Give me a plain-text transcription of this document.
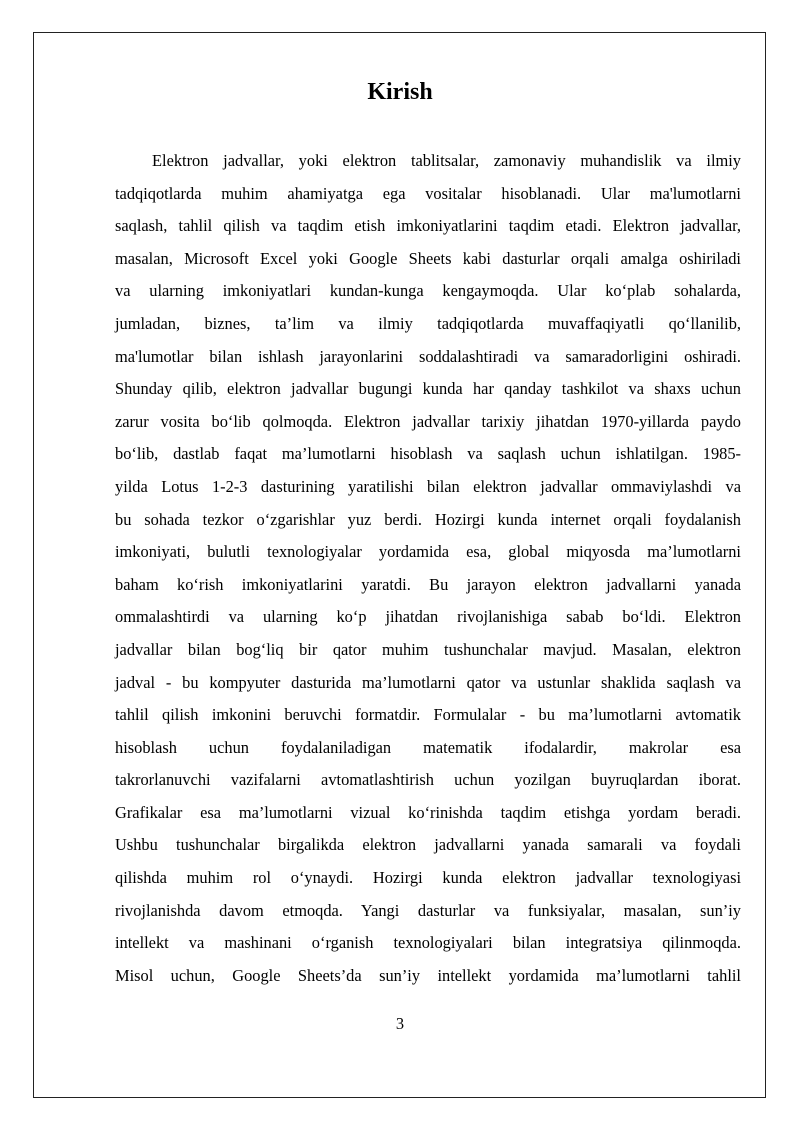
Kirish
Elektron jadvallar, yoki elektron tablitsalar, zamonaviy muhandislik va ilmiy
tadqiqotlarda muhim ahamiyatga ega vositalar hisoblanadi. Ular ma'lumotlarni
saqlash, tahlil qilish va taqdim etish imkoniyatlarini taqdim etadi. Elektron jadvallar,
masalan, Microsoft Excel yoki Google Sheets kabi dasturlar orqali amalga oshiriladi
va ularning imkoniyatlari kundan-kunga kengaymoqda. Ular ko‘plab sohalarda,
jumladan, biznes, ta’lim va ilmiy tadqiqotlarda muvaffaqiyatli qo‘llanilib,
ma'lumotlar bilan ishlash jarayonlarini soddalashtiradi va samaradorligini oshiradi.
Shunday qilib, elektron jadvallar bugungi kunda har qanday tashkilot va shaxs uchun
zarur vosita bo‘lib qolmoqda. Elektron jadvallar tarixiy jihatdan 1970-yillarda paydo
bo‘lib, dastlab faqat ma’lumotlarni hisoblash va saqlash uchun ishlatilgan. 1985-
yilda Lotus 1-2-3 dasturining yaratilishi bilan elektron jadvallar ommaviylashdi va
bu sohada tezkor o‘zgarishlar yuz berdi. Hozirgi kunda internet orqali foydalanish
imkoniyati, bulutli texnologiyalar yordamida esa, global miqyosda ma’lumotlarni
baham ko‘rish imkoniyatlarini yaratdi. Bu jarayon elektron jadvallarni yanada
ommalashtirdi va ularning ko‘p jihatdan rivojlanishiga sabab bo‘ldi. Elektron
jadvallar bilan bog‘liq bir qator muhim tushunchalar mavjud. Masalan, elektron
jadval - bu kompyuter dasturida ma’lumotlarni qator va ustunlar shaklida saqlash va
tahlil qilish imkonini beruvchi formatdir. Formulalar - bu ma’lumotlarni avtomatik
hisoblash uchun foydalaniladigan matematik ifodalardir, makrolar esa
takrorlanuvchi vazifalarni avtomatlashtirish uchun yozilgan buyruqlardan iborat.
Grafikalar esa ma’lumotlarni vizual ko‘rinishda taqdim etishga yordam beradi.
Ushbu tushunchalar birgalikda elektron jadvallarni yanada samarali va foydali
qilishda muhim rol o‘ynaydi. Hozirgi kunda elektron jadvallar texnologiyasi
rivojlanishda davom etmoqda. Yangi dasturlar va funksiyalar, masalan, sun’iy
intellekt va mashinani o‘rganish texnologiyalari bilan integratsiya qilinmoqda.
Misol uchun, Google Sheets’da sun’iy intellekt yordamida ma’lumotlarni tahlil
3
